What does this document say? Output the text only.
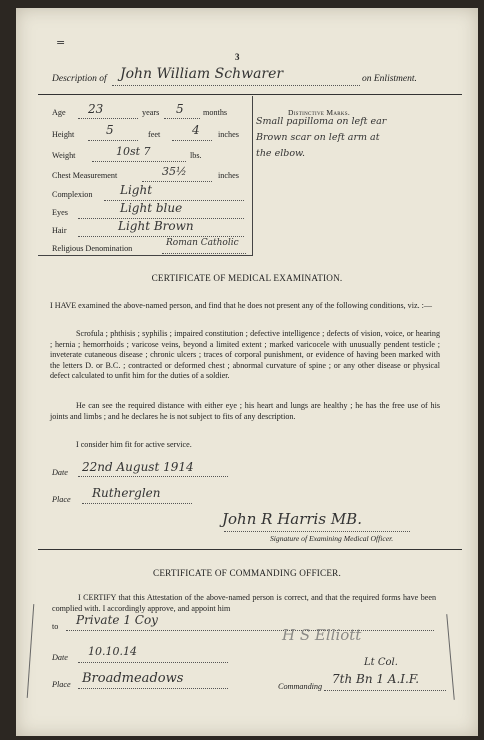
=
3
Description of John William Schwarer	on Enlistment.
Age 23	years 5 months
Height	5	feet	4 inches
Weight	10st 7	lbs.
Chest Measurement	35½	inches
Complexion Light
Eyes	Light blue
Hair	Light Brown
Religious Denomination
Roman Catholic
Distinctive Marks.
Small papilloma on left ear
Brown scar on left arm at
the elbow.
CERTIFICATE OF MEDICAL EXAMINATION.
I HAVE examined the above-named person, and find that he does not present any of the following conditions, viz. :—
Scrofula ; phthisis ; syphilis ; impaired constitution ; defective intelligence ; defects of vision, voice, or hearing ; hernia ; hemorrhoids ; varicose veins, beyond a limited extent ; marked varicocele with unusually pendent testicle ; inveterate cutaneous disease ; chronic ulcers ; traces of corporal punishment, or evidence of having been marked with the letters D. or B.C. ; contracted or deformed chest ; abnormal curvature of spine ; or any other disease or physical defect calculated to unfit him for the duties of a soldier.
He can see the required distance with either eye ; his heart and lungs are healthy ; he has the free use of his joints and limbs ; and he declares he is not subject to fits of any description.
I consider him fit for active service.
Date 22nd August 1914
Place Rutherglen
John R Harris MB.
Signature of Examining Medical Officer.
CERTIFICATE OF COMMANDING OFFICER.
I CERTIFY that this Attestation of the above-named person is correct, and that the required forms have been complied with. I accordingly approve, and appoint him
to Private 1 Coy
H S Elliott
Date 10.10.14
Lt Col.
Place Broadmeadows
Commanding
7th Bn 1 A.I.F.
